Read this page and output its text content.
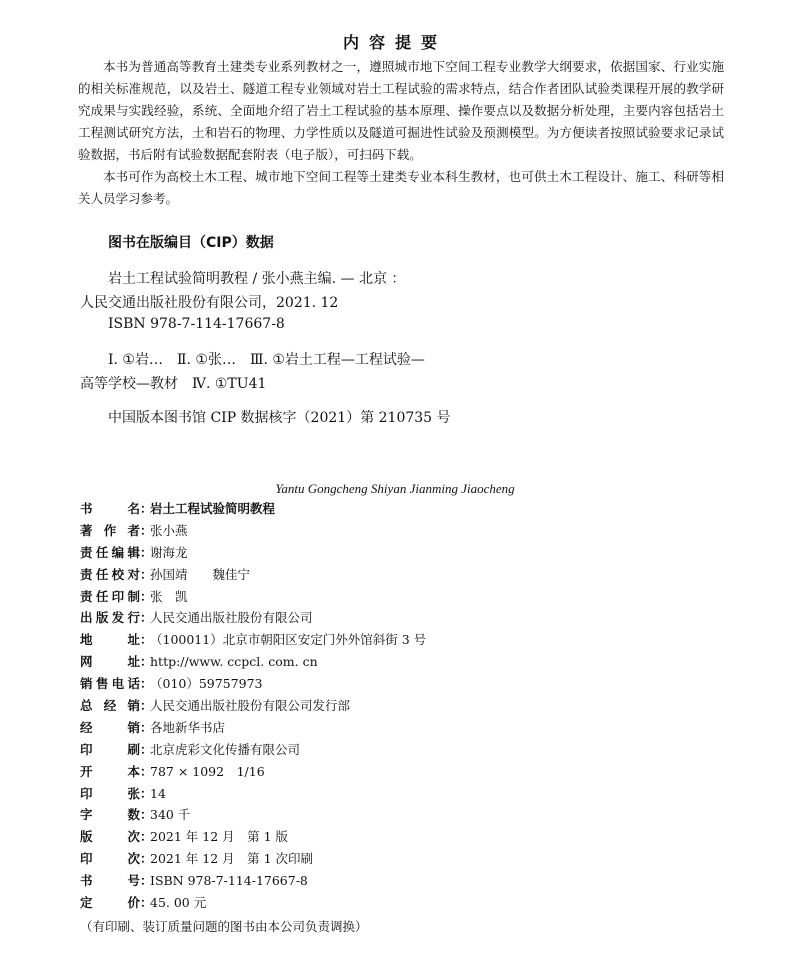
内容提要

本书为普通高等教育土建类专业系列教材之一，遵照城市地下空间工程专业教学大纲要求，依据国家、行业实施的相关标准规范，以及岩土、隧道工程专业领域对岩土工程试验的需求特点，结合作者团队试验类课程开展的教学研究成果与实践经验，系统、全面地介绍了岩土工程试验的基本原理、操作要点以及数据分析处理，主要内容包括岩土工程测试研究方法，土和岩石的物理、力学性质以及隧道可掘进性试验及预测模型。为方便读者按照试验要求记录试验数据，书后附有试验数据配套附表（电子版），可扫码下载。

本书可作为高校土木工程、城市地下空间工程等土建类专业本科生教材，也可供土木工程设计、施工、科研等相关人员学习参考。

图书在版编目（CIP）数据
岩土工程试验简明教程 / 张小燕主编. — 北京 ：
人民交通出版社股份有限公司，2021. 12
ISBN 978-7-114-17667-8
Ⅰ. ①岩…　Ⅱ. ①张…　Ⅲ. ①岩土工程—工程试验—
高等学校—教材　Ⅳ. ①TU41
中国版本图书馆 CIP 数据核字（2021）第 210735 号
Yantu Gongcheng Shiyan Jianming Jiaocheng
书	名 ：
岩土工程试验简明教程
著 作 者 ：
张小燕
责 任 编 辑 ：
谢海龙
责 任 校 对 ：
孙国靖　　魏佳宁
责 任 印 制 ：
张　凯
出 版 发 行 ：
人民交通出版社股份有限公司
地	址 ：
（100011）北京市朝阳区安定门外外馆斜街 3 号
网	址 ：
http://www. ccpcl. com. cn
销 售 电 话 ：
（010）59757973
总 经 销 ：
人民交通出版社股份有限公司发行部
经	销 ：
各地新华书店
印	刷 ：
北京虎彩文化传播有限公司
开	本 ：
787 × 1092　1/16
印	张 ：
14
字	数 ：
340 千
版	次 ：
2021 年 12 月　第 1 版
印	次 ：
2021 年 12 月　第 1 次印刷
书	号 ：
ISBN 978-7-114-17667-8
定	价 ：
45. 00 元
（有印刷、装订质量问题的图书由本公司负责调换）
